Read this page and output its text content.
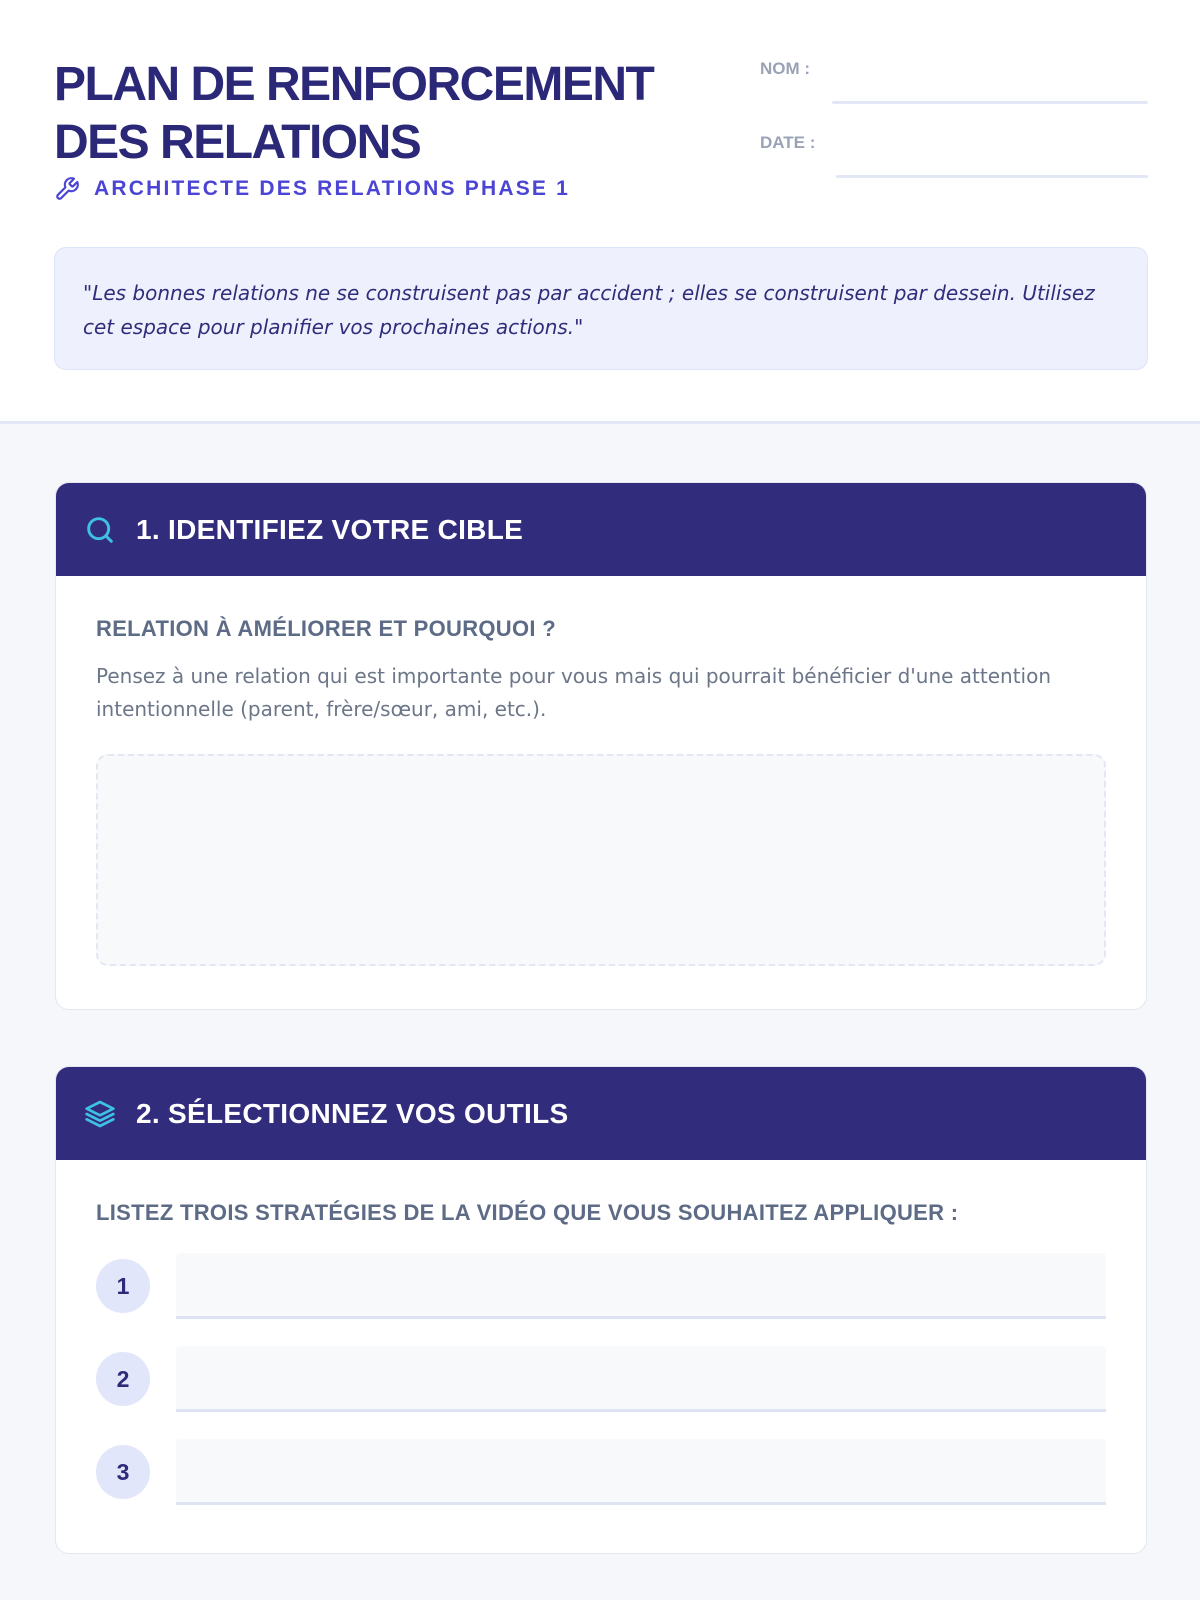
PLAN DE RENFORCEMENT DES RELATIONS
ARCHITECTE DES RELATIONS PHASE 1
NOM :
DATE :
"Les bonnes relations ne se construisent pas par accident ; elles se construisent par dessein. Utilisez cet espace pour planifier vos prochaines actions."
1. IDENTIFIEZ VOTRE CIBLE
RELATION À AMÉLIORER ET POURQUOI ?

Pensez à une relation qui est importante pour vous mais qui pourrait bénéficier d'une attention intentionnelle (parent, frère/sœur, ami, etc.).

2. SÉLECTIONNEZ VOS OUTILS
LISTEZ TROIS STRATÉGIES DE LA VIDÉO QUE VOUS SOUHAITEZ APPLIQUER :
1
2
3
